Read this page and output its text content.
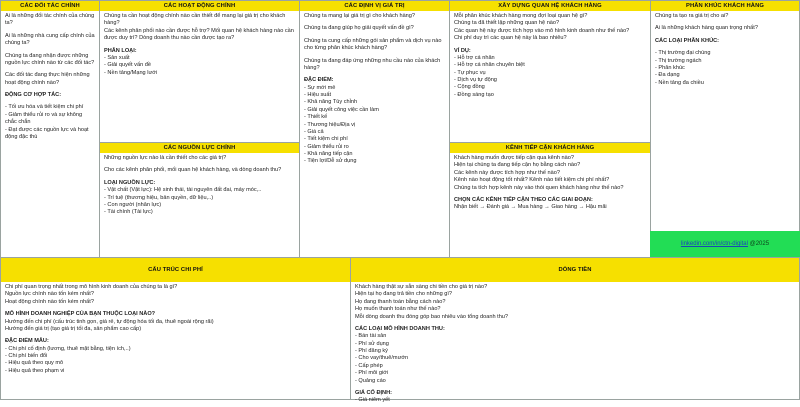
CÁC ĐỐI TÁC CHÍNH

Ai là những đối tác chính của chúng ta?

Ai là những nhà cung cấp chính của chúng ta?

Chúng ta đang nhận được những nguồn lực chính nào từ các đối tác?

Các đối tác đang thực hiện những hoạt động chính nào?

ĐỘNG CƠ HỢP TÁC:

- Tối ưu hóa và tiết kiệm chi phí

- Giảm thiểu rủi ro và sự không chắc chắn

- Đạt được các nguồn lực và hoạt động đặc thù

CÁC HOẠT ĐỘNG CHÍNH

Chúng ta cần hoạt động chính nào cần thiết để mang lại giá trị cho khách hàng?

Các kênh phân phối nào cần được hỗ trợ? Mối quan hệ khách hàng nào cần được duy trì? Dòng doanh thu nào cần được tạo ra?

PHÂN LOẠI:

- Sản xuất

- Giải quyết vấn đề

- Nền tảng/Mạng lưới

CÁC NGUỒN LỰC CHÍNH

Những nguồn lực nào là cần thiết cho các giá trị?

Cho các kênh phân phối, mối quan hệ khách hàng, và dòng doanh thu?

LOẠI NGUỒN LỰC:

- Vật chất (Vật lực): Hệ sinh thái, tài nguyên đất đai, máy móc,..

- Trí tuệ (thương hiệu, bản quyền, dữ liệu,..)

- Con người (nhân lực)

- Tài chính (Tài lực)

CÁC ĐỊNH VỊ GIÁ TRỊ

Chúng ta mang lại giá trị gì cho khách hàng?

Chúng ta đang giúp họ giải quyết vấn đề gì?

Chúng ta cung cấp những gói sản phẩm và dịch vụ nào cho từng phân khúc khách hàng?

Chúng ta đang đáp ứng những nhu cầu nào của khách hàng?

ĐẶC ĐIỂM:

- Sự mới mẻ

- Hiệu suất

- Khả năng Tùy chỉnh

- Giải quyết công việc cần làm

- Thiết kế

- Thương hiệu/Địa vị

- Giá cả

- Tiết kiệm chi phí

- Giảm thiểu rủi ro

- Khả năng tiếp cận

- Tiện lợi/Dễ sử dụng

XÂY DỰNG QUAN HỆ KHÁCH HÀNG

Mỗi phân khúc khách hàng mong đợi loại quan hệ gì?

Chúng ta đã thiết lập những quan hệ nào?

Các quan hệ này được tích hợp vào mô hình kinh doanh như thế nào?

Chi phí duy trì các quan hệ này là bao nhiêu?

VÍ DỤ:

- Hỗ trợ cá nhân

- Hỗ trợ cá nhân chuyên biệt

- Tự phục vụ

- Dịch vụ tự động

- Cộng đồng

- Đồng sáng tạo

KÊNH TIẾP CẬN KHÁCH HÀNG

Khách hàng muốn được tiếp cận qua kênh nào?

Hiện tại chúng ta đang tiếp cận họ bằng cách nào?

Các kênh này được tích hợp như thế nào?

Kênh nào hoạt động tốt nhất? Kênh nào tiết kiệm chi phí nhất?

Chúng ta tích hợp kênh này vào thói quen khách hàng như thế nào?

CHỌN CÁC KÊNH TIẾP CẬN THEO CÁC GIAI ĐOẠN:

Nhận biết → Đánh giá → Mua hàng → Giao hàng → Hậu mãi

PHÂN KHÚC KHÁCH HÀNG

Chúng ta tạo ra giá trị cho ai?

Ai là những khách hàng quan trọng nhất?

CÁC LOẠI PHÂN KHÚC:

- Thị trường đại chúng

- Thị trường ngách

- Phân khúc

- Đa dạng

- Nền tảng đa chiều

linkedin.com/in/ctn-digital @2025
CẤU TRÚC CHI PHÍ

Chi phí quan trọng nhất trong mô hình kinh doanh của chúng ta là gì?

Nguồn lực chính nào tốn kém nhất?

Hoạt động chính nào tốn kém nhất?

MÔ HÌNH DOANH NGHIỆP CỦA BẠN THUỘC LOẠI NÀO?

Hướng đến chi phí (cấu trúc tinh gọn, giá rẻ, tự động hóa tối đa, thuê ngoài rộng rãi)

Hướng đến giá trị (tạo giá trị tối đa, sản phẩm cao cấp)

ĐẶC ĐIỂM MẪU:

- Chi phí cố định (lương, thuê mặt bằng, tiện ích,..)

- Chi phí biến đổi

- Hiệu quả theo quy mô

- Hiệu quả theo phạm vi

DÒNG TIỀN

Khách hàng thật sự sẵn sàng chi tiền cho giá trị nào?

Hiện tại họ đang trả tiền cho những gì?

Họ đang thanh toán bằng cách nào?

Họ muốn thanh toán như thế nào?

Mỗi dòng doanh thu đóng góp bao nhiêu vào tổng doanh thu?

CÁC LOẠI MÔ HÌNH DOANH THU:

- Bán tài sản

- Phí sử dụng

- Phí đăng ký

- Cho vay/thuê/mướn

- Cấp phép

- Phí môi giới

- Quảng cáo

GIÁ CỐ ĐỊNH:

- Giá niêm yết
